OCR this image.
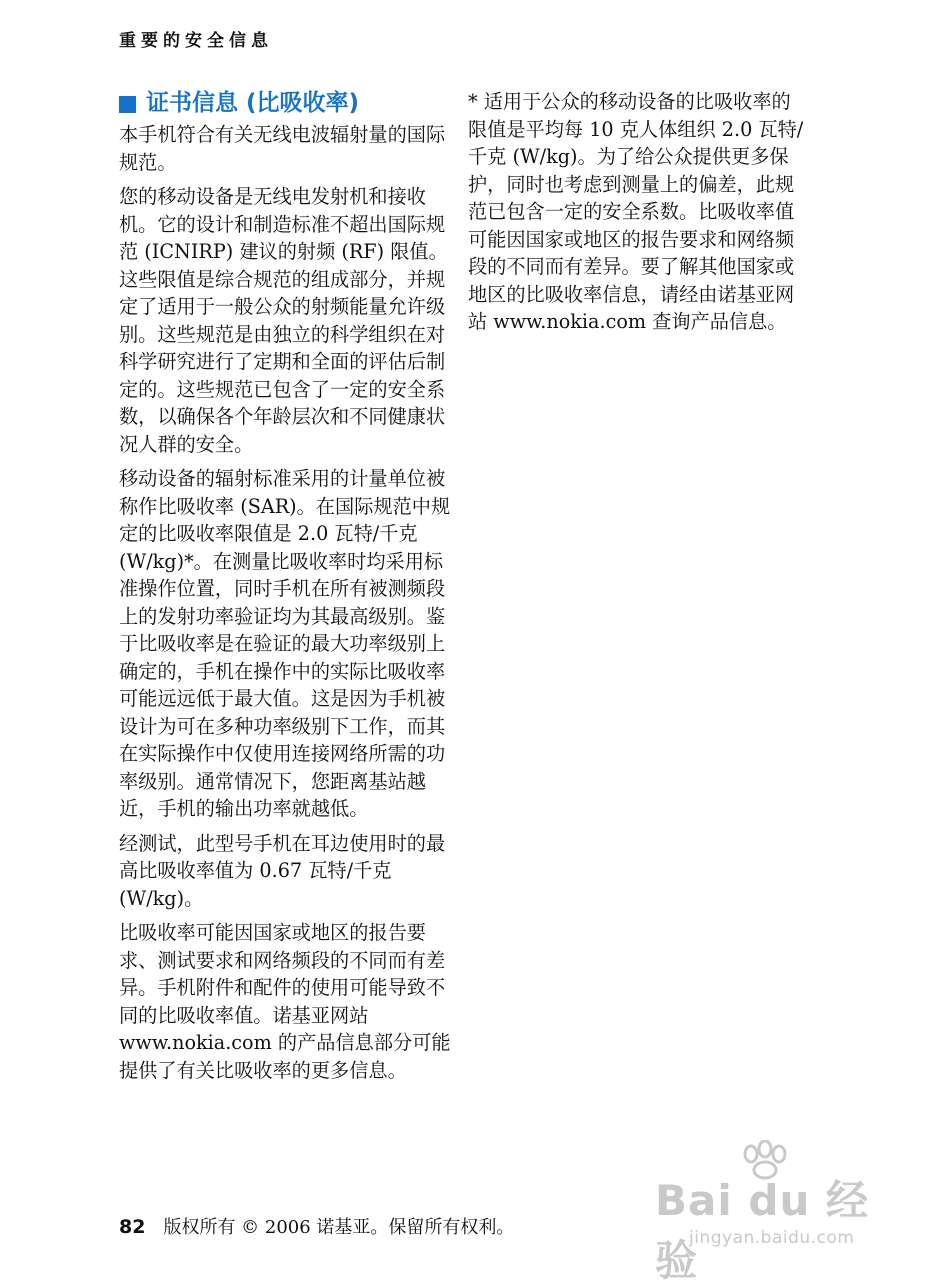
重要的安全信息
证书信息 (比吸收率)

本手机符合有关无线电波辐射量的国际规范。

您的移动设备是无线电发射机和接收机。它的设计和制造标准不超出国际规范 (ICNIRP) 建议的射频 (RF) 限值。这些限值是综合规范的组成部分，并规定了适用于一般公众的射频能量允许级别。这些规范是由独立的科学组织在对科学研究进行了定期和全面的评估后制定的。这些规范已包含了一定的安全系数，以确保各个年龄层次和不同健康状况人群的安全。

移动设备的辐射标准采用的计量单位被称作比吸收率 (SAR)。在国际规范中规定的比吸收率限值是 2.0 瓦特/千克 (W/kg)*。在测量比吸收率时均采用标准操作位置，同时手机在所有被测频段上的发射功率验证均为其最高级别。鉴于比吸收率是在验证的最大功率级别上确定的，手机在操作中的实际比吸收率可能远远低于最大值。这是因为手机被设计为可在多种功率级别下工作，而其在实际操作中仅使用连接网络所需的功率级别。通常情况下，您距离基站越近，手机的输出功率就越低。

经测试，此型号手机在耳边使用时的最高比吸收率值为 0.67 瓦特/千克 (W/kg)。

比吸收率可能因国家或地区的报告要求、测试要求和网络频段的不同而有差异。手机附件和配件的使用可能导致不同的比吸收率值。诺基亚网站 www.nokia.com 的产品信息部分可能提供了有关比吸收率的更多信息。

* 适用于公众的移动设备的比吸收率的限值是平均每 10 克人体组织 2.0 瓦特/千克 (W/kg)。为了给公众提供更多保护，同时也考虑到测量上的偏差，此规范已包含一定的安全系数。比吸收率值可能因国家或地区的报告要求和网络频段的不同而有差异。要了解其他国家或地区的比吸收率信息，请经由诺基亚网站 www.nokia.com 查询产品信息。

82 版权所有 © 2006 诺基亚。保留所有权利。
Bai du 经验
jingyan.baidu.com
